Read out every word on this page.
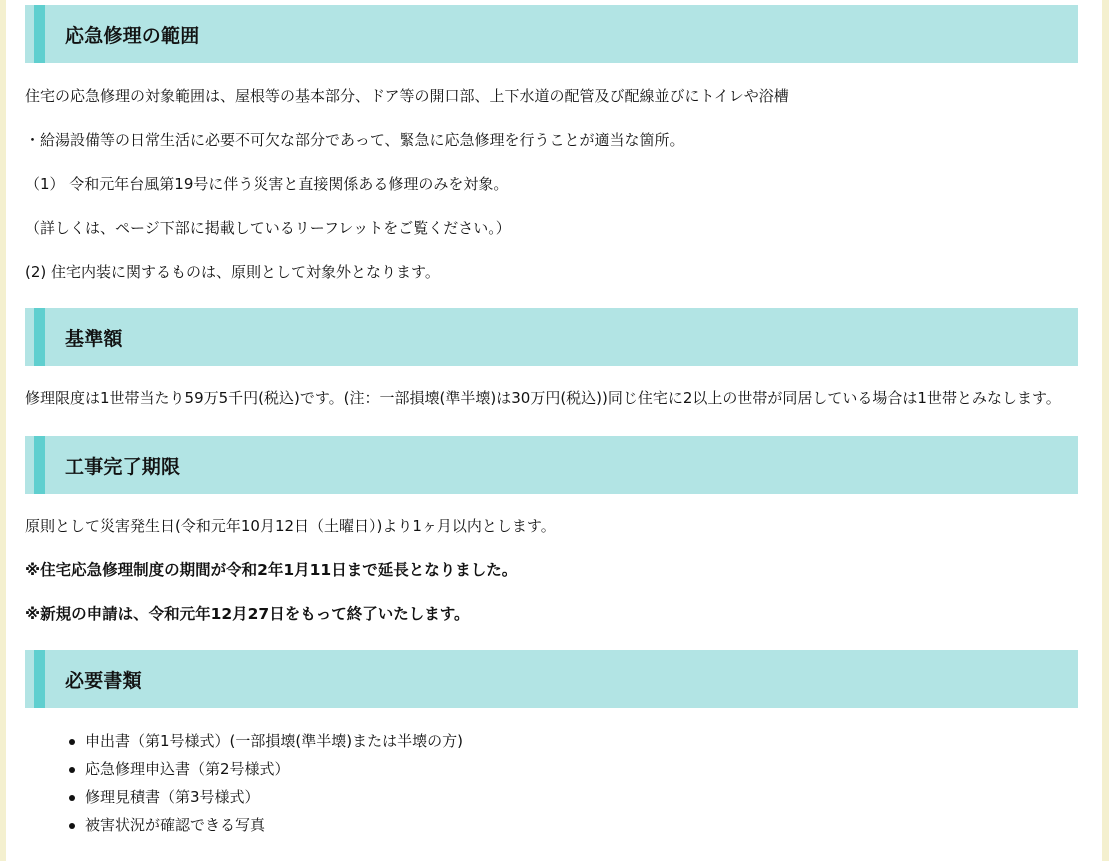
応急修理の範囲

住宅の応急修理の対象範囲は、屋根等の基本部分、ドア等の開口部、上下水道の配管及び配線並びにトイレや浴槽

・給湯設備等の日常生活に必要不可欠な部分であって、緊急に応急修理を行うことが適当な箇所。

（1） 令和元年台風第19号に伴う災害と直接関係ある修理のみを対象。

（詳しくは、ページ下部に掲載しているリーフレットをご覧ください。）

(2) 住宅内装に関するものは、原則として対象外となります。

基準額

修理限度は1世帯当たり59万5千円(税込)です。(注：一部損壊(準半壊)は30万円(税込))同じ住宅に2以上の世帯が同居している場合は1世帯とみなします。

工事完了期限

原則として災害発生日(令和元年10月12日（土曜日）)より1ヶ月以内とします。

※住宅応急修理制度の期間が令和2年1月11日まで延長となりました。

※新規の申請は、令和元年12月27日をもって終了いたします。

必要書類
申出書（第1号様式）(一部損壊(準半壊)または半壊の方)
応急修理申込書（第2号様式）
修理見積書（第3号様式）
被害状況が確認できる写真
